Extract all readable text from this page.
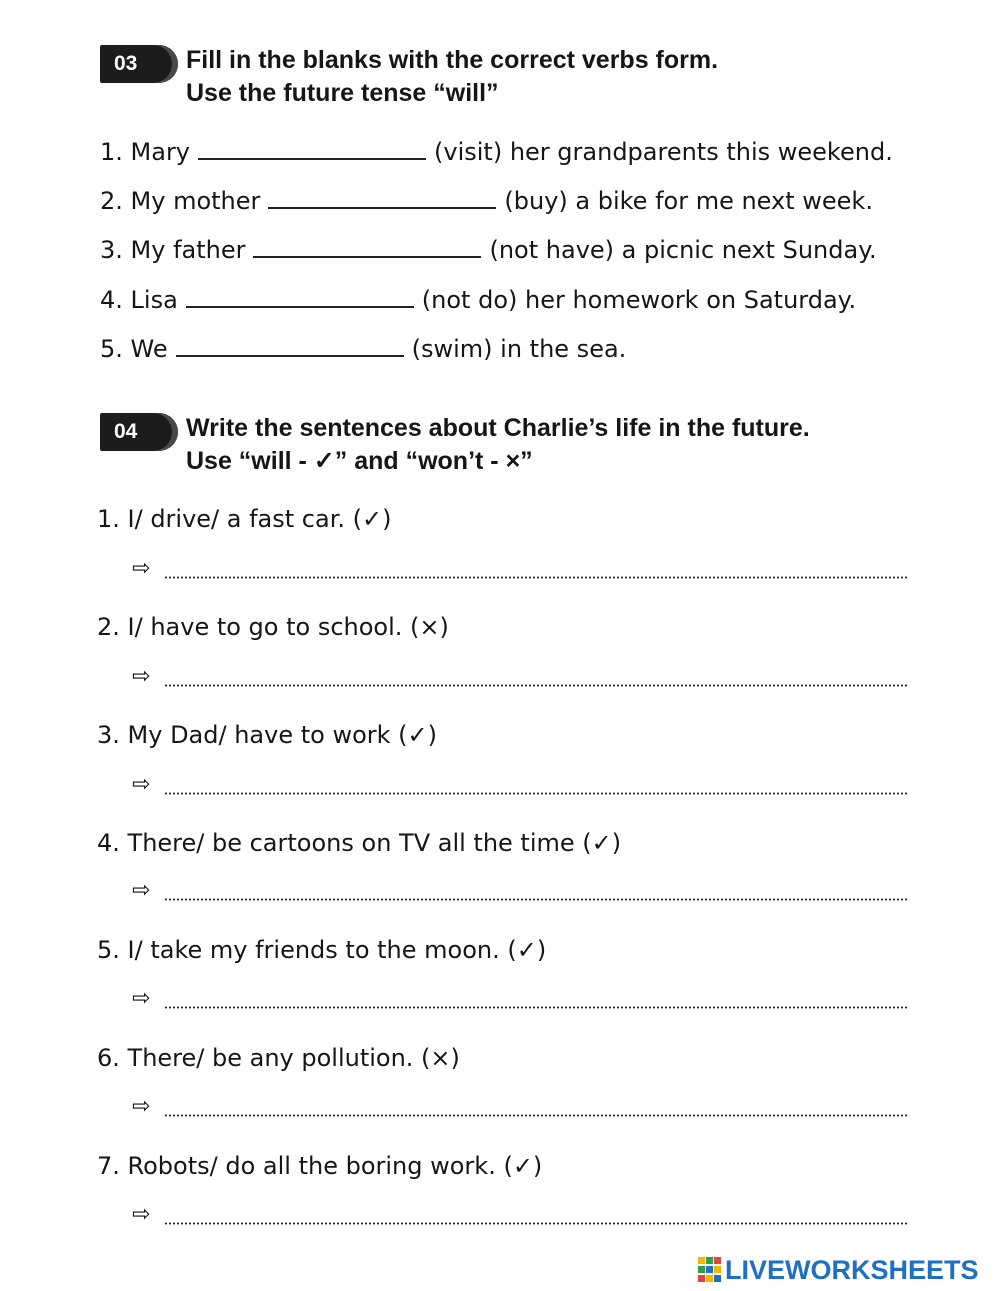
03	Fill in the blanks with the correct verbs form.
Use the future tense “will”
1. Mary	(visit) her grandparents this weekend.
2. My mother	(buy) a bike for me next week.
3. My father	(not have) a picnic next Sunday.
4. Lisa	(not do) her homework on Saturday.
5. We	(swim) in the sea.
04	Write the sentences about Charlie’s life in the future.
Use “will - ✓” and “won’t - ×”
1. I/ drive/ a fast car. (✓)
⇨
2. I/ have to go to school. (×)
⇨
3. My Dad/ have to work (✓)
⇨
4. There/ be cartoons on TV all the time (✓)
⇨
5. I/ take my friends to the moon. (✓)
⇨
6. There/ be any pollution. (×)
⇨
7. Robots/ do all the boring work. (✓)
⇨
LIVEWORKSHEETS
